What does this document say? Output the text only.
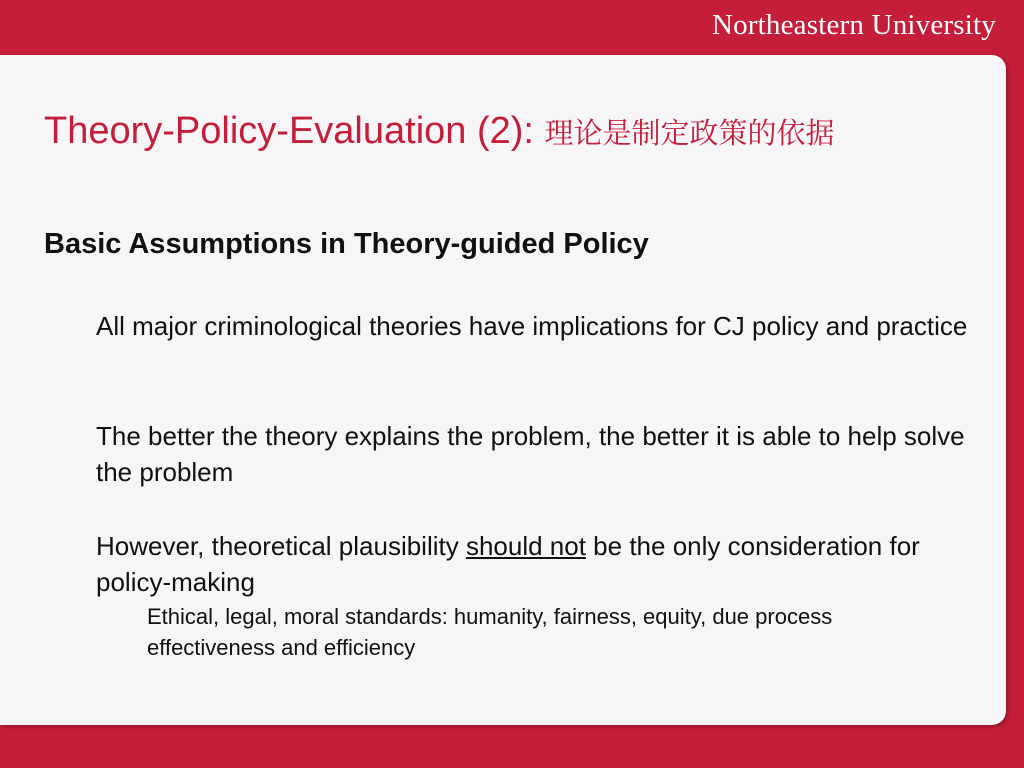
Northeastern University
Theory-Policy-Evaluation (2): 理论是制定政策的依据
Basic Assumptions in Theory-guided Policy

All major criminological theories have implications for CJ policy and practice

The better the theory explains the problem, the better it is able to help solve the problem

However, theoretical plausibility should not be the only consideration for policy-making

Ethical, legal, moral standards: humanity, fairness, equity, due process

effectiveness and efficiency
